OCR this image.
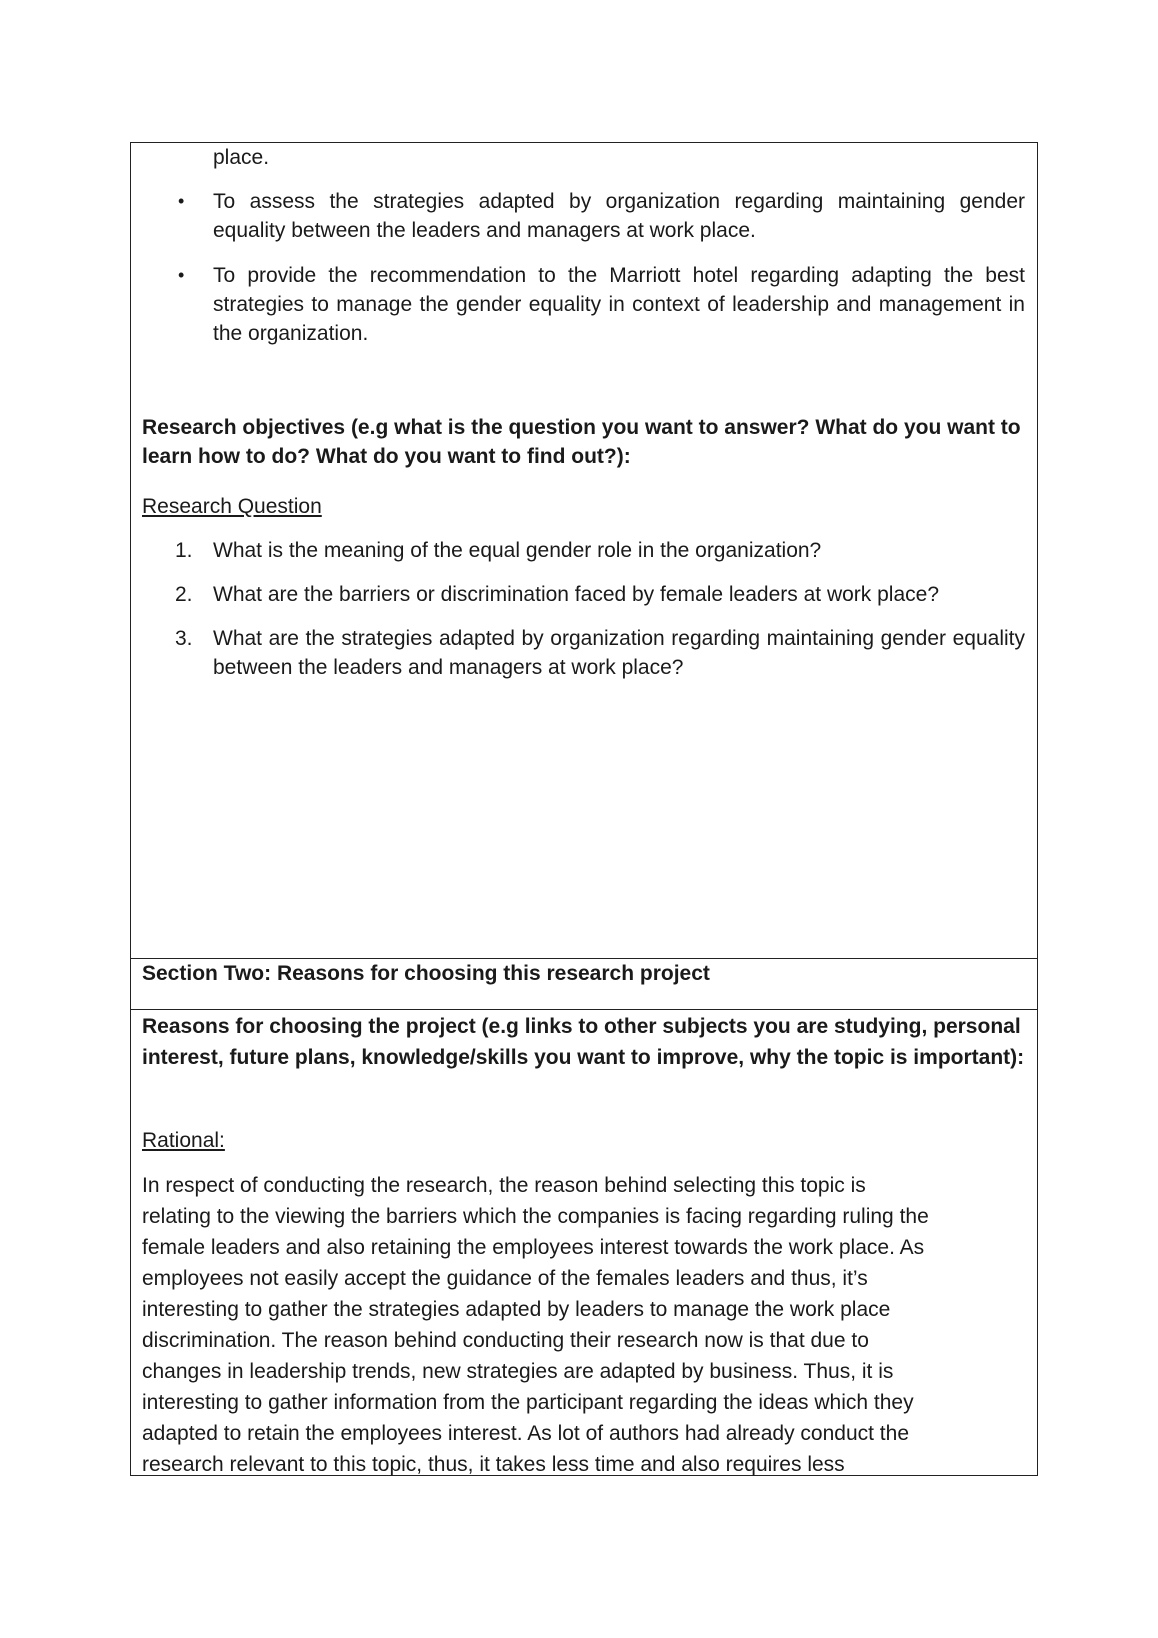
place.
•	To assess the strategies adapted by organization regarding maintaining gender equality between the leaders and managers at work place.
•	To provide the recommendation to the Marriott hotel regarding adapting the best strategies to manage the gender equality in context of leadership and management in the organization.
Research objectives (e.g what is the question you want to answer? What do you want to learn how to do? What do you want to find out?):
Research Question
1. What is the meaning of the equal gender role in the organization?
2. What are the barriers or discrimination faced by female leaders at work place?
3. What are the strategies adapted by organization regarding maintaining gender equality between the leaders and managers at work place?
Section Two: Reasons for choosing this research project
Reasons for choosing the project (e.g links to other subjects you are studying, personal interest, future plans, knowledge/skills you want to improve, why the topic is important):
Rational:
In respect of conducting the research, the reason behind selecting this topic is
relating to the viewing the barriers which the companies is facing regarding ruling the
female leaders and also retaining the employees interest towards the work place. As
employees not easily accept the guidance of the females leaders and thus, it’s
interesting to gather the strategies adapted by leaders to manage the work place
discrimination. The reason behind conducting their research now is that due to
changes in leadership trends, new strategies are adapted by business. Thus, it is
interesting to gather information from the participant regarding the ideas which they
adapted to retain the employees interest. As lot of authors had already conduct the
research relevant to this topic, thus, it takes less time and also requires less
